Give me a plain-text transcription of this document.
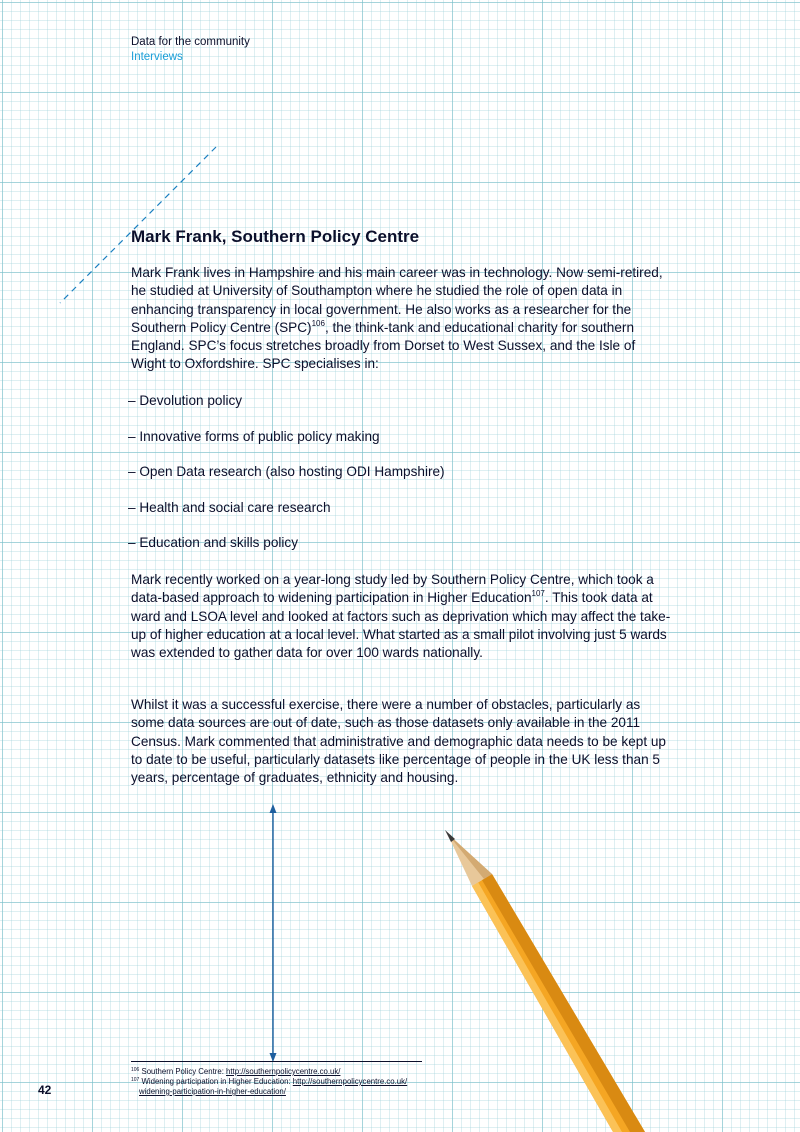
Data for the community
Interviews
Mark Frank, Southern Policy Centre

Mark Frank lives in Hampshire and his main career was in technology. Now semi-retired, he studied at University of Southampton where he studied the role of open data in enhancing transparency in local government. He also works as a researcher for the Southern Policy Centre (SPC)$^{106}$, the think-tank and educational charity for southern England. SPC’s focus stretches broadly from Dorset to West Sussex, and the Isle of Wight to Oxfordshire. SPC specialises in:

– Devolution policy
– Innovative forms of public policy making
– Open Data research (also hosting ODI Hampshire)
– Health and social care research
– Education and skills policy

Mark recently worked on a year-long study led by Southern Policy Centre, which took a data-based approach to widening participation in Higher Education$^{107}$. This took data at ward and LSOA level and looked at factors such as deprivation which may affect the take-up of higher education at a local level. What started as a small pilot involving just 5 wards was extended to gather data for over 100 wards nationally.

Whilst it was a successful exercise, there were a number of obstacles, particularly as some data sources are out of date, such as those datasets only available in the 2011 Census. Mark commented that administrative and demographic data needs to be kept up to date to be useful, particularly datasets like percentage of people in the UK less than 5 years, percentage of graduates, ethnicity and housing.

$^{106}$ Southern Policy Centre: http://southernpolicycentre.co.uk/
$^{107}$ Widening participation in Higher Education: http://southernpolicycentre.co.uk/
widening-participation-in-higher-education/
42
